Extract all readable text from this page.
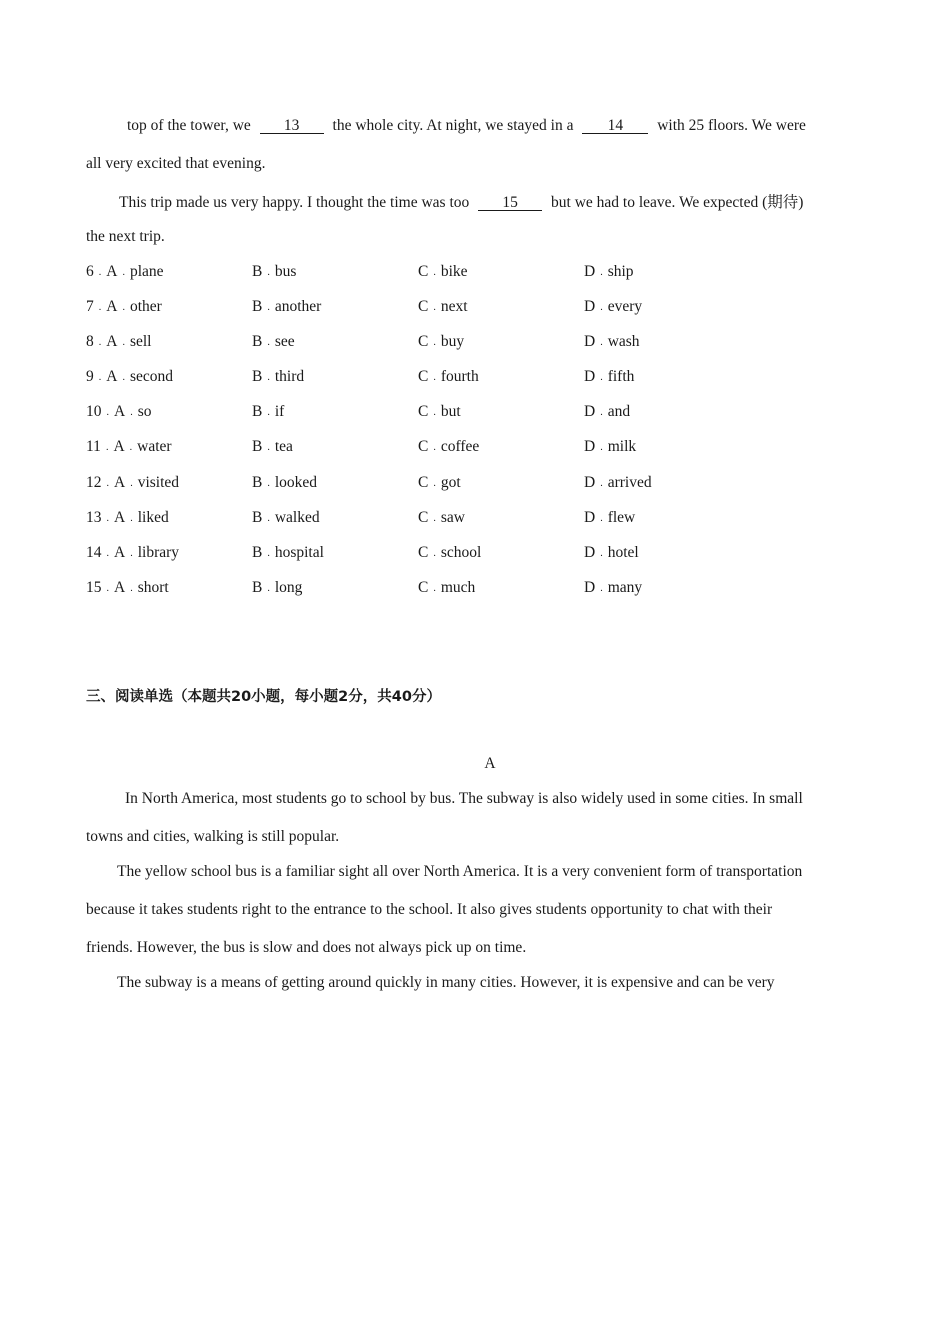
top of the tower, we 13 the whole city. At night, we stayed in a 14 with 25 floors. We were
all very excited that evening.
This trip made us very happy. I thought the time was too 15 but we had to leave. We expected (期待)
the next trip.
6 . A . plane	B . bus	C . bike	D . ship
7 . A . other	B . another	C . next	D . every
8 . A . sell	B . see	C . buy	D . wash
9 . A . second	B . third	C . fourth	D . fifth
10 . A . so	B . if	C . but	D . and
11 . A . water	B . tea	C . coffee	D . milk
12 . A . visited	B . looked	C . got	D . arrived
13 . A . liked	B . walked	C . saw	D . flew
14 . A . library	B . hospital	C . school	D . hotel
15 . A . short	B . long	C . much	D . many
三、阅读单选（本题共20小题，每小题2分，共40分）
A
In North America, most students go to school by bus. The subway is also widely used in some cities. In small
towns and cities, walking is still popular.
The yellow school bus is a familiar sight all over North America. It is a very convenient form of transportation
because it takes students right to the entrance to the school. It also gives students opportunity to chat with their
friends. However, the bus is slow and does not always pick up on time.
The subway is a means of getting around quickly in many cities. However, it is expensive and can be very
